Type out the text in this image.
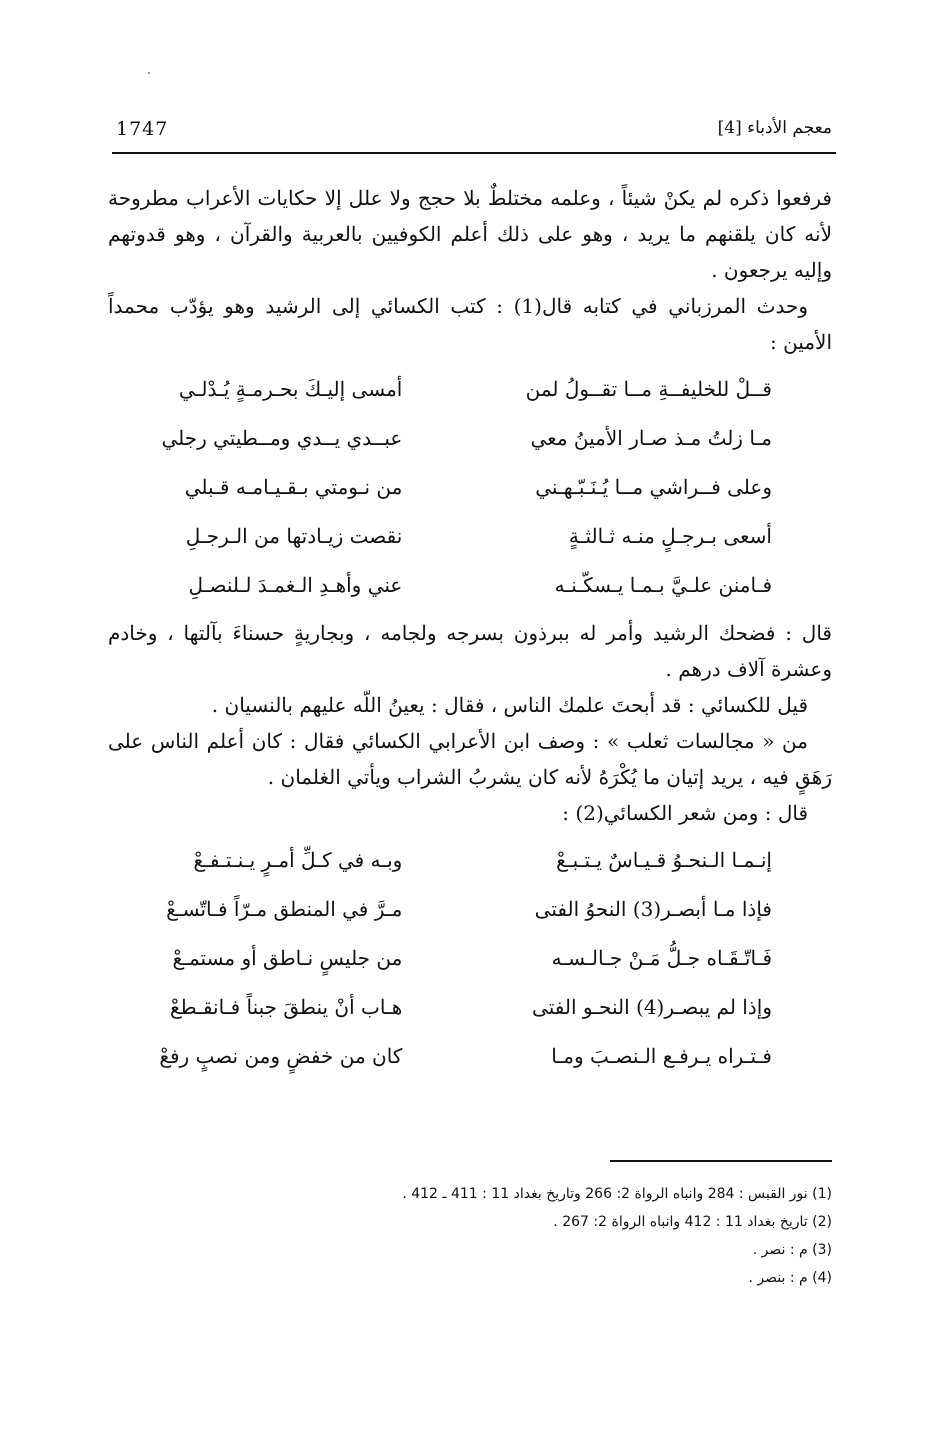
1747	معجم الأدباء [4]

فرفعوا ذكره لم يكنْ شيئاً ، وعلمه مختلطٌ بلا حجج ولا علل إلا حكايات الأعراب مطروحة لأنه كان يلقنهم ما يريد ، وهو على ذلك أعلم الكوفيين بالعربية والقرآن ، وهو قدوتهم وإليه يرجعون .

وحدث المرزباني في كتابه قال(1) : كتب الكسائي إلى الرشيد وهو يؤدّب محمداً الأمين :

قــلْ للخليفــةِ مــا تقــولُ لمن
أمسى إليـكَ بحـرمـةٍ يُـدْلـي
مـا زلتُ مـذ صـار الأمينُ معي
عبــدي يــدي ومــطيتي رجلي
وعلى فــراشي مــا يُـنَـبّـهـني
من نـومتي بـقـيـامـه قـبلي
أسعى بـرجـلٍ منـه ثـالثـةٍ
نقصت زيـادتها من الـرجـلِ
فـامنن علـيَّ بـمـا يـسكّـنـه
عني وأهـدِ الـغمـدَ لـلنصـلِ

قال : فضحك الرشيد وأمر له ببرذون بسرجه ولجامه ، وبجاريةٍ حسناءَ بآلتها ، وخادم وعشرة آلاف درهم .

قيل للكسائي : قد أبحتَ علمك الناس ، فقال : يعينُ اللّه عليهم بالنسيان .

من « مجالسات ثعلب » : وصف ابن الأعرابي الكسائي فقال : كان أعلم الناس على رَهَقٍ فيه ، يريد إتيان ما يُكْرَهُ لأنه كان يشربُ الشراب ويأتي الغلمان .

قال : ومن شعر الكسائي(2) :

إنـمـا الـنحـوُ قـيـاسٌ يـتـبـعْ
وبـه في كـلِّ أمـرٍ يـنـتـفـعْ
فإذا مـا أبصـر(3) النحوُ الفتى
مـرَّ في المنطق مـرّاً فـاتّسـعْ
فَـاتّـقَـاه جـلُّ مَـنْ جـالـسـه
من جليسٍ نـاطق أو مستمـعْ
وإذا لم يبصـر(4) النحـو الفتى
هـاب أنْ ينطقَ جبناً فـانقـطعْ
فـتـراه يـرفـع الـنصـبَ ومـا
كان من خفضٍ ومن نصبٍ رفعْ
(1) نور القبس : 284 وانباه الرواة 2: 266 وتاريخ بغداد 11 : 411 ـ 412 .
(2) تاريخ بغداد 11 : 412 وانباه الرواة 2: 267 .
(3) م : نصر .
(4) م : بنصر .
